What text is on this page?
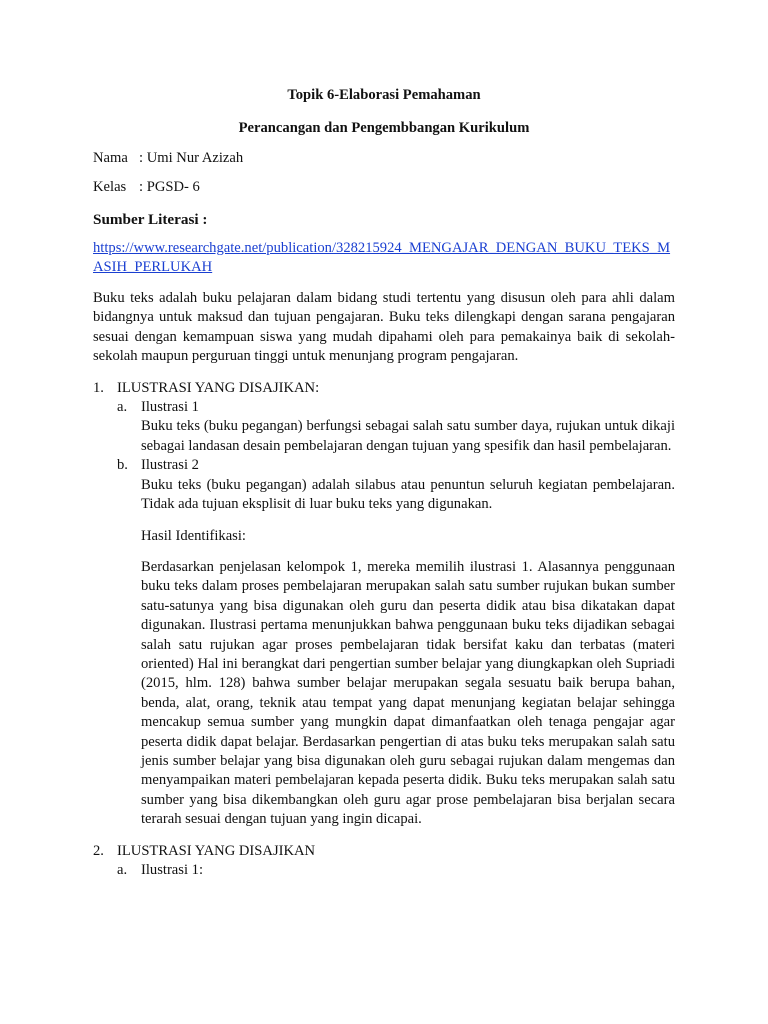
Topik 6-Elaborasi Pemahaman
Perancangan dan Pengembbangan Kurikulum
Nama : Umi Nur Azizah
Kelas : PGSD- 6
Sumber Literasi :
https://www.researchgate.net/publication/328215924_MENGAJAR_DENGAN_BUKU_TEKS_MASIH_PERLUKAH
Buku teks adalah buku pelajaran dalam bidang studi tertentu yang disusun oleh para ahli dalam bidangnya untuk maksud dan tujuan pengajaran. Buku teks dilengkapi dengan sarana pengajaran sesuai dengan kemampuan siswa yang mudah dipahami oleh para pemakainya baik di sekolah- sekolah maupun perguruan tinggi untuk menunjang program pengajaran.
1. ILUSTRASI YANG DISAJIKAN:
a. Ilustrasi 1
Buku teks (buku pegangan) berfungsi sebagai salah satu sumber daya, rujukan untuk dikaji sebagai landasan desain pembelajaran dengan tujuan yang spesifik dan hasil pembelajaran.
b. Ilustrasi 2
Buku teks (buku pegangan) adalah silabus atau penuntun seluruh kegiatan pembelajaran. Tidak ada tujuan eksplisit di luar buku teks yang digunakan.
Hasil Identifikasi:
Berdasarkan penjelasan kelompok 1, mereka memilih ilustrasi 1. Alasannya penggunaan buku teks dalam proses pembelajaran merupakan salah satu sumber rujukan bukan sumber satu-satunya yang bisa digunakan oleh guru dan peserta didik atau bisa dikatakan dapat digunakan. Ilustrasi pertama menunjukkan bahwa penggunaan buku teks dijadikan sebagai salah satu rujukan agar proses pembelajaran tidak bersifat kaku dan terbatas (materi oriented) Hal ini berangkat dari pengertian sumber belajar yang diungkapkan oleh Supriadi (2015, hlm. 128) bahwa sumber belajar merupakan segala sesuatu baik berupa bahan, benda, alat, orang, teknik atau tempat yang dapat menunjang kegiatan belajar sehingga mencakup semua sumber yang mungkin dapat dimanfaatkan oleh tenaga pengajar agar peserta didik dapat belajar. Berdasarkan pengertian di atas buku teks merupakan salah satu jenis sumber belajar yang bisa digunakan oleh guru sebagai rujukan dalam mengemas dan menyampaikan materi pembelajaran kepada peserta didik. Buku teks merupakan salah satu sumber yang bisa dikembangkan oleh guru agar prose pembelajaran bisa berjalan secara terarah sesuai dengan tujuan yang ingin dicapai.
2. ILUSTRASI YANG DISAJIKAN
a. Ilustrasi 1:
